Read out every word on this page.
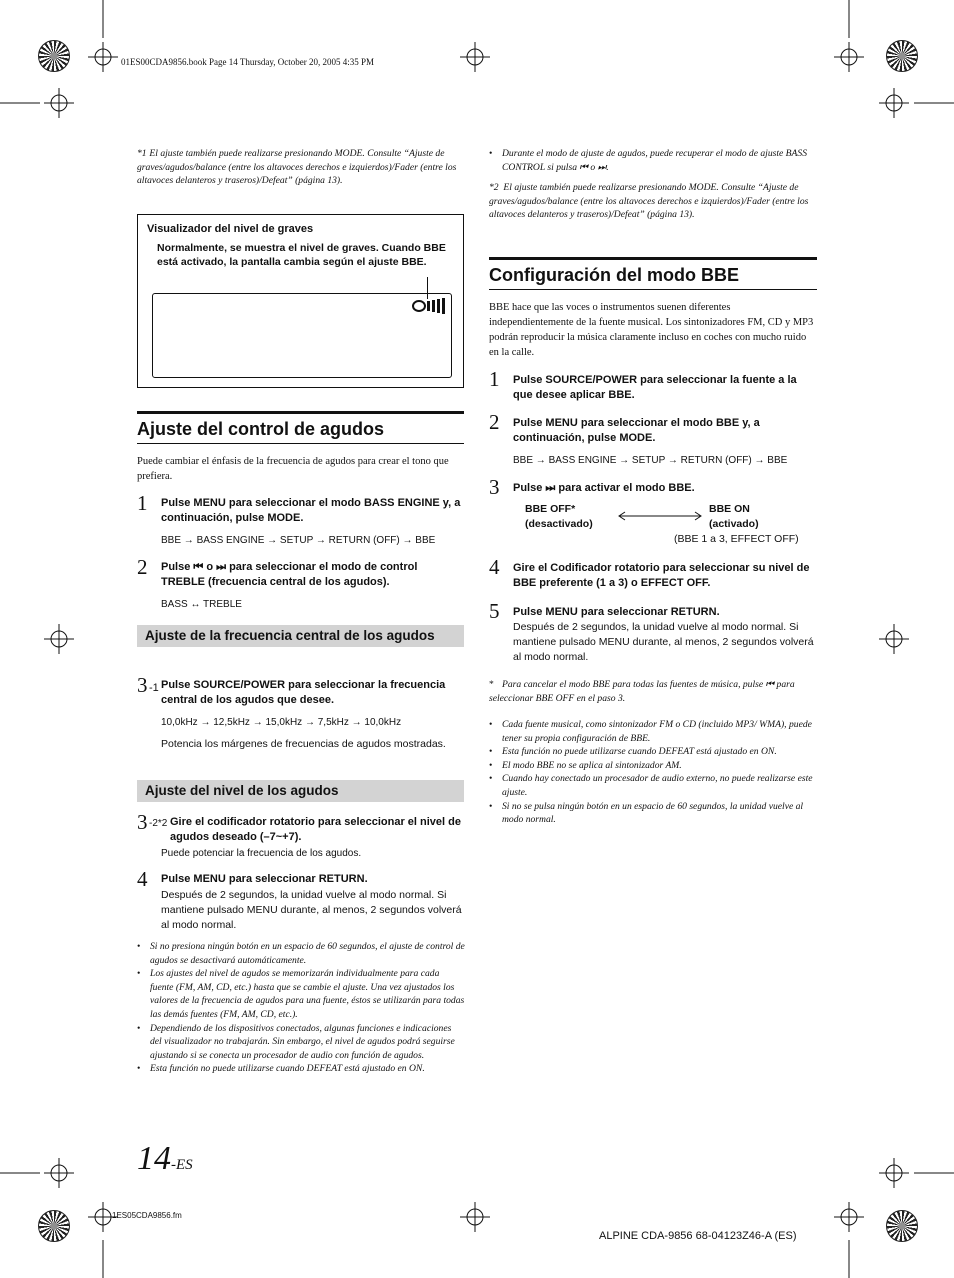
01ES00CDA9856.book Page 14 Thursday, October 20, 2005 4:35 PM
*1 El ajuste también puede realizarse presionando MODE. Consulte “Ajuste de graves/agudos/balance (entre los altavoces derechos e izquierdos)/Fader (entre los altavoces delanteros y traseros)/Defeat” (página 13).
Visualizador del nivel de graves
Normalmente, se muestra el nivel de graves. Cuando BBE está activado, la pantalla cambia según el ajuste BBE.
Ajuste del control de agudos
Puede cambiar el énfasis de la frecuencia de agudos para crear el tono que prefiera.
1 Pulse MENU para seleccionar el modo BASS ENGINE y, a continuación, pulse MODE.
BBE → BASS ENGINE → SETUP → RETURN (OFF) → BBE
2 Pulse ⏮ o ⏭ para seleccionar el modo de control TREBLE (frecuencia central de los agudos).
BASS ↔ TREBLE
Ajuste de la frecuencia central de los agudos
3 -1 Pulse SOURCE/POWER para seleccionar la frecuencia central de los agudos que desee.
10,0kHz → 12,5kHz → 15,0kHz → 7,5kHz → 10,0kHz
Potencia los márgenes de frecuencias de agudos mostradas.
Ajuste del nivel de los agudos
3 -2*2 Gire el codificador rotatorio para seleccionar el nivel de agudos deseado (–7~+7).
Puede potenciar la frecuencia de los agudos.
4 Pulse MENU para seleccionar RETURN.
Después de 2 segundos, la unidad vuelve al modo normal. Si mantiene pulsado MENU durante, al menos, 2 segundos volverá al modo normal.
• Si no presiona ningún botón en un espacio de 60 segundos, el ajuste de control de agudos se desactivará automáticamente.
• Los ajustes del nivel de agudos se memorizarán individualmente para cada fuente (FM, AM, CD, etc.) hasta que se cambie el ajuste. Una vez ajustados los valores de la frecuencia de agudos para una fuente, éstos se utilizarán para todas las demás fuentes (FM, AM, CD, etc.).
• Dependiendo de los dispositivos conectados, algunas funciones e indicaciones del visualizador no trabajarán. Sin embargo, el nivel de agudos podrá seguirse ajustando si se conecta un procesador de audio con función de agudos.
• Esta función no puede utilizarse cuando DEFEAT está ajustado en ON.
14-ES
• Durante el modo de ajuste de agudos, puede recuperar el modo de ajuste BASS CONTROL si pulsa ⏮ o ⏭.
*2 El ajuste también puede realizarse presionando MODE. Consulte “Ajuste de graves/agudos/balance (entre los altavoces derechos e izquierdos)/Fader (entre los altavoces delanteros y traseros)/Defeat” (página 13).
Configuración del modo BBE
BBE hace que las voces o instrumentos suenen diferentes independientemente de la fuente musical. Los sintonizadores FM, CD y MP3 podrán reproducir la música claramente incluso en coches con mucho ruido en la calle.
1 Pulse SOURCE/POWER para seleccionar la fuente a la que desee aplicar BBE.
2 Pulse MENU para seleccionar el modo BBE y, a continuación, pulse MODE.
BBE → BASS ENGINE → SETUP → RETURN (OFF) → BBE
3 Pulse ⏭ para activar el modo BBE.
BBE OFF*
(desactivado)
BBE ON
(activado)
(BBE 1 a 3, EFFECT OFF)
4 Gire el Codificador rotatorio para seleccionar su nivel de BBE preferente (1 a 3) o EFFECT OFF.
5 Pulse MENU para seleccionar RETURN.
Después de 2 segundos, la unidad vuelve al modo normal. Si mantiene pulsado MENU durante, al menos, 2 segundos volverá al modo normal.
* Para cancelar el modo BBE para todas las fuentes de música, pulse ⏮ para seleccionar BBE OFF en el paso 3.
• Cada fuente musical, como sintonizador FM o CD (incluido MP3/ WMA), puede tener su propia configuración de BBE.
• Esta función no puede utilizarse cuando DEFEAT está ajustado en ON.
• El modo BBE no se aplica al sintonizador AM.
• Cuando hay conectado un procesador de audio externo, no puede realizarse este ajuste.
• Si no se pulsa ningún botón en un espacio de 60 segundos, la unidad vuelve al modo normal.
1ES05CDA9856.fm
ALPINE CDA-9856 68-04123Z46-A (ES)
